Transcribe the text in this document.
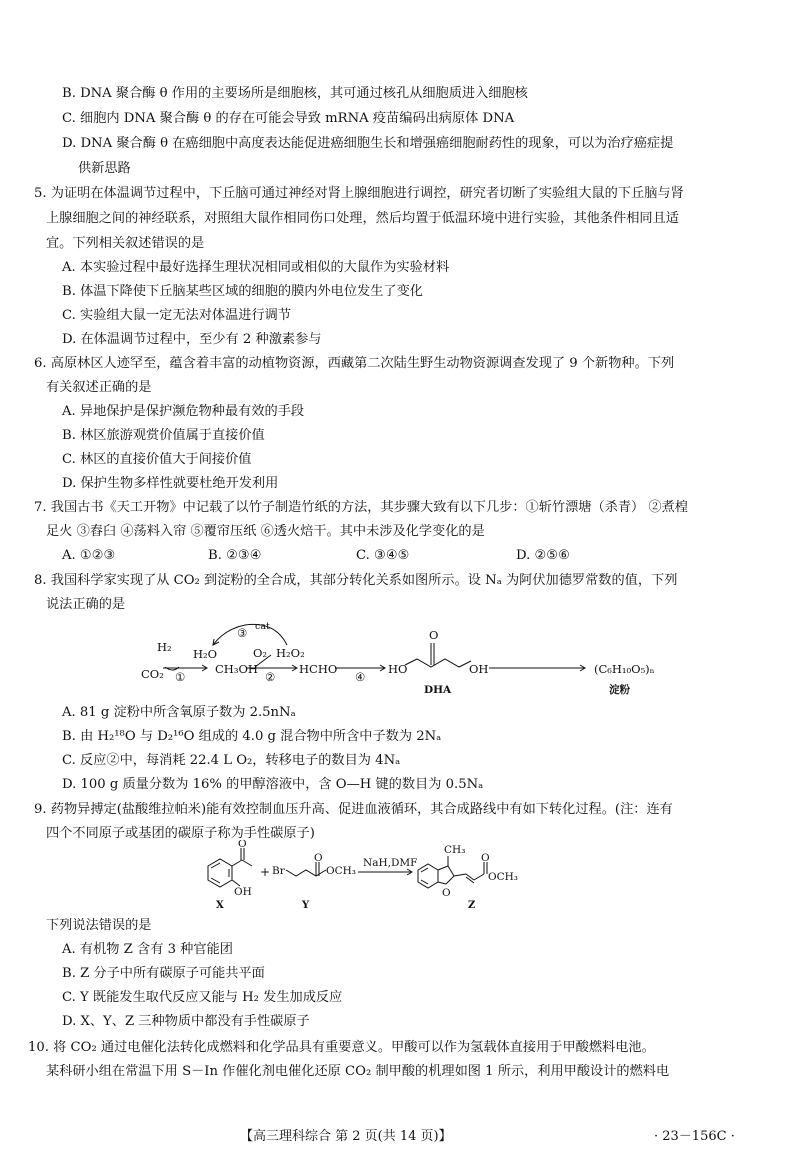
B. DNA 聚合酶 θ 作用的主要场所是细胞核，其可通过核孔从细胞质进入细胞核
C. 细胞内 DNA 聚合酶 θ 的存在可能会导致 mRNA 疫苗编码出病原体 DNA
D. DNA 聚合酶 θ 在癌细胞中高度表达能促进癌细胞生长和增强癌细胞耐药性的现象，可以为治疗癌症提
供新思路
5. 为证明在体温调节过程中，下丘脑可通过神经对肾上腺细胞进行调控，研究者切断了实验组大鼠的下丘脑与肾
上腺细胞之间的神经联系，对照组大鼠作相同伤口处理，然后均置于低温环境中进行实验，其他条件相同且适
宜。下列相关叙述错误的是
A. 本实验过程中最好选择生理状况相同或相似的大鼠作为实验材料
B. 体温下降使下丘脑某些区域的细胞的膜内外电位发生了变化
C. 实验组大鼠一定无法对体温进行调节
D. 在体温调节过程中，至少有 2 种激素参与
6. 高原林区人迹罕至，蕴含着丰富的动植物资源，西藏第二次陆生野生动物资源调查发现了 9 个新物种。下列
有关叙述正确的是
A. 异地保护是保护濒危物种最有效的手段
B. 林区旅游观赏价值属于直接价值
C. 林区的直接价值大于间接价值
D. 保护生物多样性就要杜绝开发利用
7. 我国古书《天工开物》中记载了以竹子制造竹纸的方法，其步骤大致有以下几步：①斩竹漂塘（杀青） ②煮楻
足火 ③舂臼 ④荡料入帘 ⑤覆帘压纸 ⑥透火焙干。其中未涉及化学变化的是
A. ①②③	B. ②③④	C. ③④⑤	D. ②⑤⑥
8. 我国科学家实现了从 CO₂ 到淀粉的全合成，其部分转化关系如图所示。设 Nₐ 为阿伏加德罗常数的值，下列
说法正确的是
H₂
CO₂ ①
H₂O
CH₃OH
O₂
②
H₂O₂
HCHO
④
③ cat
HO
O
OH
DHA
(C₆H₁₀O₅)ₙ
淀粉
A. 81 g 淀粉中所含氧原子数为 2.5nNₐ
B. 由 H₂¹⁸O 与 D₂¹⁶O 组成的 4.0 g 混合物中所含中子数为 2Nₐ
C. 反应②中，每消耗 22.4 L O₂，转移电子的数目为 4Nₐ
D. 100 g 质量分数为 16% 的甲醇溶液中，含 O—H 键的数目为 0.5Nₐ
9. 药物异搏定(盐酸维拉帕米)能有效控制血压升高、促进血液循环，其合成路线中有如下转化过程。(注：连有
四个不同原子或基团的碳原子称为手性碳原子)
OH
O
X
+ Br
O
OCH₃
Y
NaH,DMF
CH₃
O
O
OCH₃
Z
下列说法错误的是
A. 有机物 Z 含有 3 种官能团
B. Z 分子中所有碳原子可能共平面
C. Y 既能发生取代反应又能与 H₂ 发生加成反应
D. X、Y、Z 三种物质中都没有手性碳原子
10. 将 CO₂ 通过电催化法转化成燃料和化学品具有重要意义。甲酸可以作为氢载体直接用于甲酸燃料电池。
某科研小组在常温下用 S－In 作催化剂电催化还原 CO₂ 制甲酸的机理如图 1 所示，利用甲酸设计的燃料电
【高三理科综合 第 2 页(共 14 页)】	· 23－156C ·
